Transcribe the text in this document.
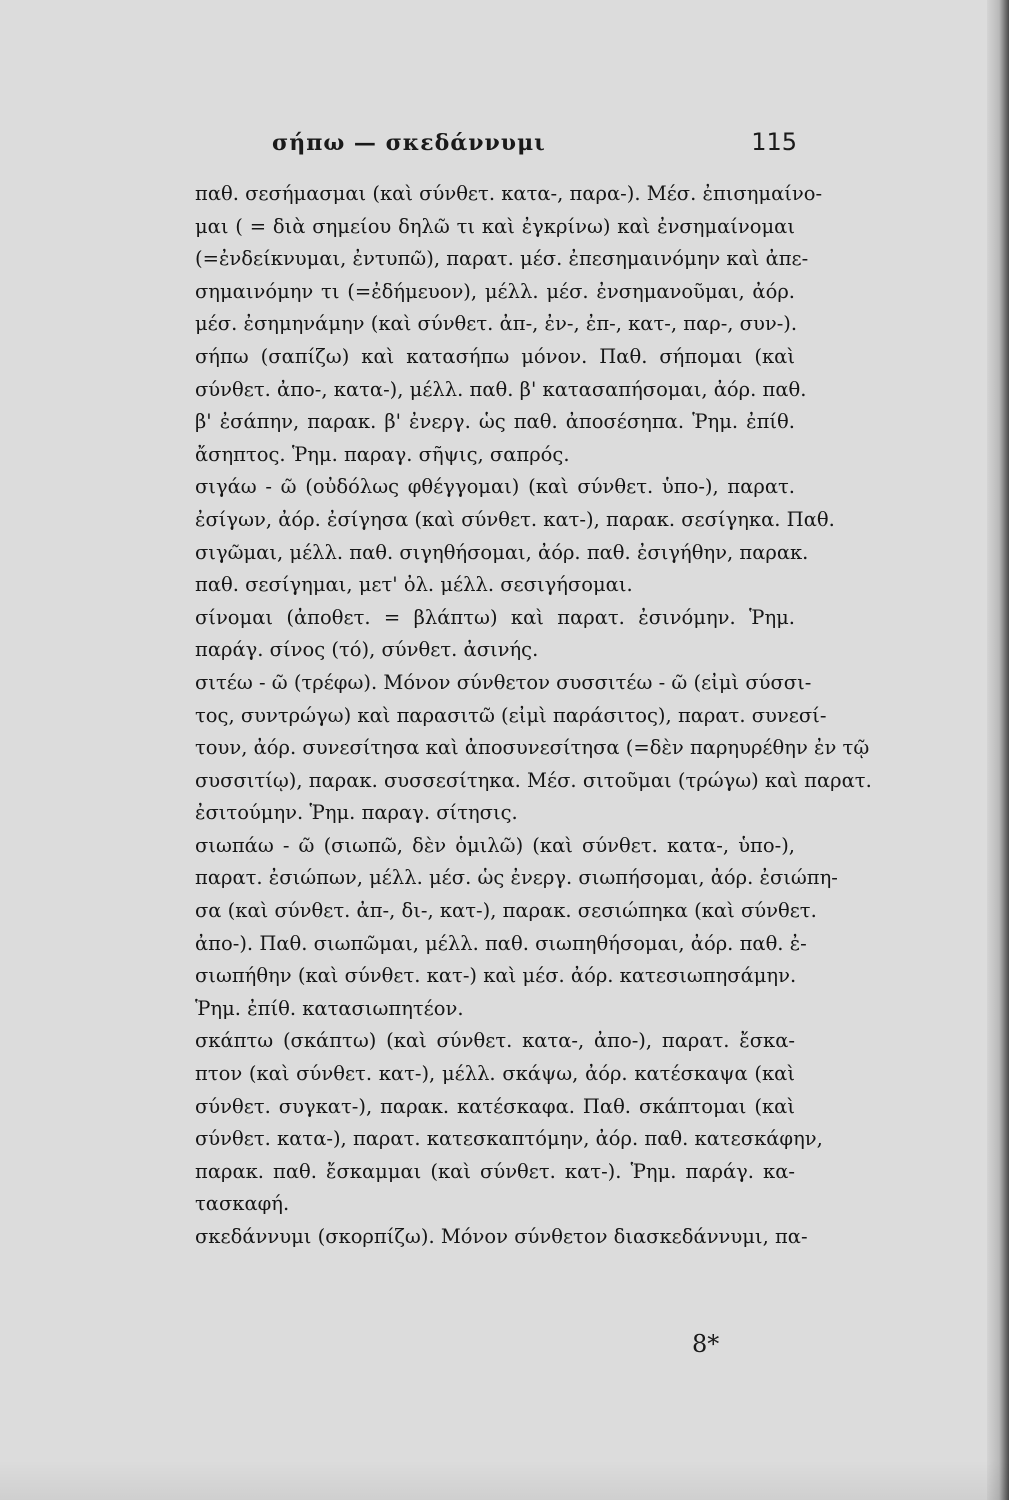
σήπω — σκεδάννυμι	115
παθ. σεσήμασμαι (καὶ σύνθετ. κατα-, παρα-). Μέσ. ἐπισημαίνο-
μαι ( = διὰ σημείου δηλῶ τι καὶ ἐγκρίνω) καὶ ἐνσημαίνομαι
(=ἐνδείκνυμαι, ἐντυπῶ), παρατ. μέσ. ἐπεσημαινόμην καὶ ἀπε-
σημαινόμην τι (=ἐδήμευον), μέλλ. μέσ. ἐνσημανοῦμαι, ἀόρ.
μέσ. ἐσημηνάμην (καὶ σύνθετ. ἀπ-, ἐν-, ἐπ-, κατ-, παρ-, συν-).
σήπω (σαπίζω) καὶ κατασήπω μόνον. Παθ. σήπομαι (καὶ
σύνθετ. ἀπο-, κατα-), μέλλ. παθ. β' κατασαπήσομαι, ἀόρ. παθ.
β' ἐσάπην, παρακ. β' ἐνεργ. ὡς παθ. ἀποσέσηπα. Ῥημ. ἐπίθ.
ἄσηπτος. Ῥημ. παραγ. σῆψις, σαπρός.
σιγάω - ῶ (οὐδόλως φθέγγομαι) (καὶ σύνθετ. ὑπο-), παρατ.
ἐσίγων, ἀόρ. ἐσίγησα (καὶ σύνθετ. κατ-), παρακ. σεσίγηκα. Παθ.
σιγῶμαι, μέλλ. παθ. σιγηθήσομαι, ἀόρ. παθ. ἐσιγήθην, παρακ.
παθ. σεσίγημαι, μετ' ὀλ. μέλλ. σεσιγήσομαι.
σίνομαι (ἀποθετ. = βλάπτω) καὶ παρατ. ἐσινόμην. Ῥημ.
παράγ. σίνος (τό), σύνθετ. ἀσινής.
σιτέω - ῶ (τρέφω). Μόνον σύνθετον συσσιτέω - ῶ (εἰμὶ σύσσι-
τος, συντρώγω) καὶ παρασιτῶ (εἰμὶ παράσιτος), παρατ. συνεσί-
τουν, ἀόρ. συνεσίτησα καὶ ἀποσυνεσίτησα (=δὲν παρηυρέθην ἐν τῷ
συσσιτίῳ), παρακ. συσσεσίτηκα. Μέσ. σιτοῦμαι (τρώγω) καὶ παρατ.
ἐσιτούμην. Ῥημ. παραγ. σίτησις.
σιωπάω - ῶ (σιωπῶ, δὲν ὁμιλῶ) (καὶ σύνθετ. κατα-, ὑπο-),
παρατ. ἐσιώπων, μέλλ. μέσ. ὡς ἐνεργ. σιωπήσομαι, ἀόρ. ἐσιώπη-
σα (καὶ σύνθετ. ἀπ-, δι-, κατ-), παρακ. σεσιώπηκα (καὶ σύνθετ.
ἀπο-). Παθ. σιωπῶμαι, μέλλ. παθ. σιωπηθήσομαι, ἀόρ. παθ. ἐ-
σιωπήθην (καὶ σύνθετ. κατ-) καὶ μέσ. ἀόρ. κατεσιωπησάμην.
Ῥημ. ἐπίθ. κατασιωπητέον.
σκάπτω (σκάπτω) (καὶ σύνθετ. κατα-, ἀπο-), παρατ. ἔσκα-
πτον (καὶ σύνθετ. κατ-), μέλλ. σκάψω, ἀόρ. κατέσκαψα (καὶ
σύνθετ. συγκατ-), παρακ. κατέσκαφα. Παθ. σκάπτομαι (καὶ
σύνθετ. κατα-), παρατ. κατεσκαπτόμην, ἀόρ. παθ. κατεσκάφην,
παρακ. παθ. ἔσκαμμαι (καὶ σύνθετ. κατ-). Ῥημ. παράγ. κα-
τασκαφή.
σκεδάννυμι (σκορπίζω). Μόνον σύνθετον διασκεδάννυμι, πα-
8*
